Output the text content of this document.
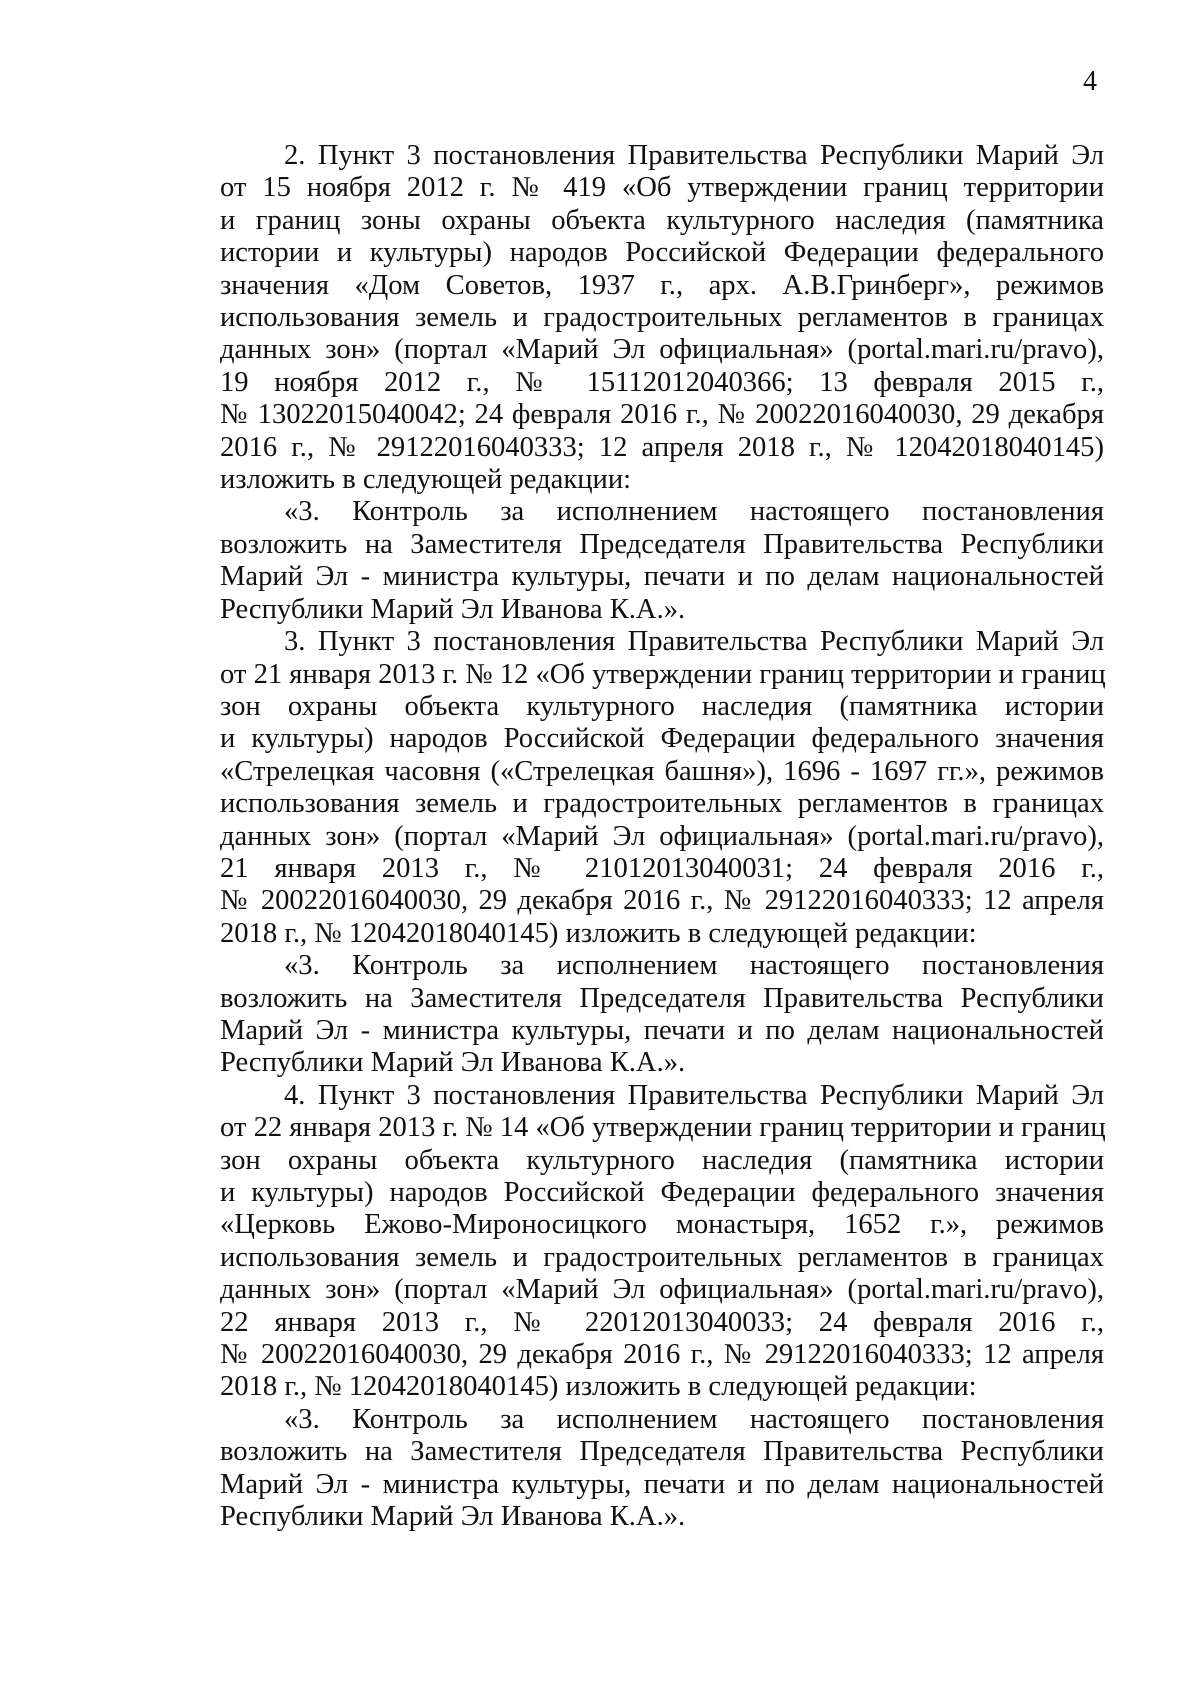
4
2. Пункт 3 постановления Правительства Республики Марий Эл
от 15 ноября 2012 г. № 419 «Об утверждении границ территории
и границ зоны охраны объекта культурного наследия (памятника
истории и культуры) народов Российской Федерации федерального
значения «Дом Советов, 1937 г., арх. А.В.Гринберг», режимов
использования земель и градостроительных регламентов в границах
данных зон» (портал «Марий Эл официальная» (portal.mari.ru/pravo),
19 ноября 2012 г., № 15112012040366; 13 февраля 2015 г.,
№ 13022015040042; 24 февраля 2016 г., № 20022016040030, 29 декабря
2016 г., № 29122016040333; 12 апреля 2018 г., № 12042018040145)
изложить в следующей редакции:
«3. Контроль за исполнением настоящего постановления
возложить на Заместителя Председателя Правительства Республики
Марий Эл - министра культуры, печати и по делам национальностей
Республики Марий Эл Иванова К.А.».
3. Пункт 3 постановления Правительства Республики Марий Эл
от 21 января 2013 г. № 12 «Об утверждении границ территории и границ
зон охраны объекта культурного наследия (памятника истории
и культуры) народов Российской Федерации федерального значения
«Стрелецкая часовня («Стрелецкая башня»), 1696 - 1697 гг.», режимов
использования земель и градостроительных регламентов в границах
данных зон» (портал «Марий Эл официальная» (portal.mari.ru/pravo),
21 января 2013 г., № 21012013040031; 24 февраля 2016 г.,
№ 20022016040030, 29 декабря 2016 г., № 29122016040333; 12 апреля
2018 г., № 12042018040145) изложить в следующей редакции:
«3. Контроль за исполнением настоящего постановления
возложить на Заместителя Председателя Правительства Республики
Марий Эл - министра культуры, печати и по делам национальностей
Республики Марий Эл Иванова К.А.».
4. Пункт 3 постановления Правительства Республики Марий Эл
от 22 января 2013 г. № 14 «Об утверждении границ территории и границ
зон охраны объекта культурного наследия (памятника истории
и культуры) народов Российской Федерации федерального значения
«Церковь Ежово-Мироносицкого монастыря, 1652 г.», режимов
использования земель и градостроительных регламентов в границах
данных зон» (портал «Марий Эл официальная» (portal.mari.ru/pravo),
22 января 2013 г., № 22012013040033; 24 февраля 2016 г.,
№ 20022016040030, 29 декабря 2016 г., № 29122016040333; 12 апреля
2018 г., № 12042018040145) изложить в следующей редакции:
«3. Контроль за исполнением настоящего постановления
возложить на Заместителя Председателя Правительства Республики
Марий Эл - министра культуры, печати и по делам национальностей
Республики Марий Эл Иванова К.А.».
